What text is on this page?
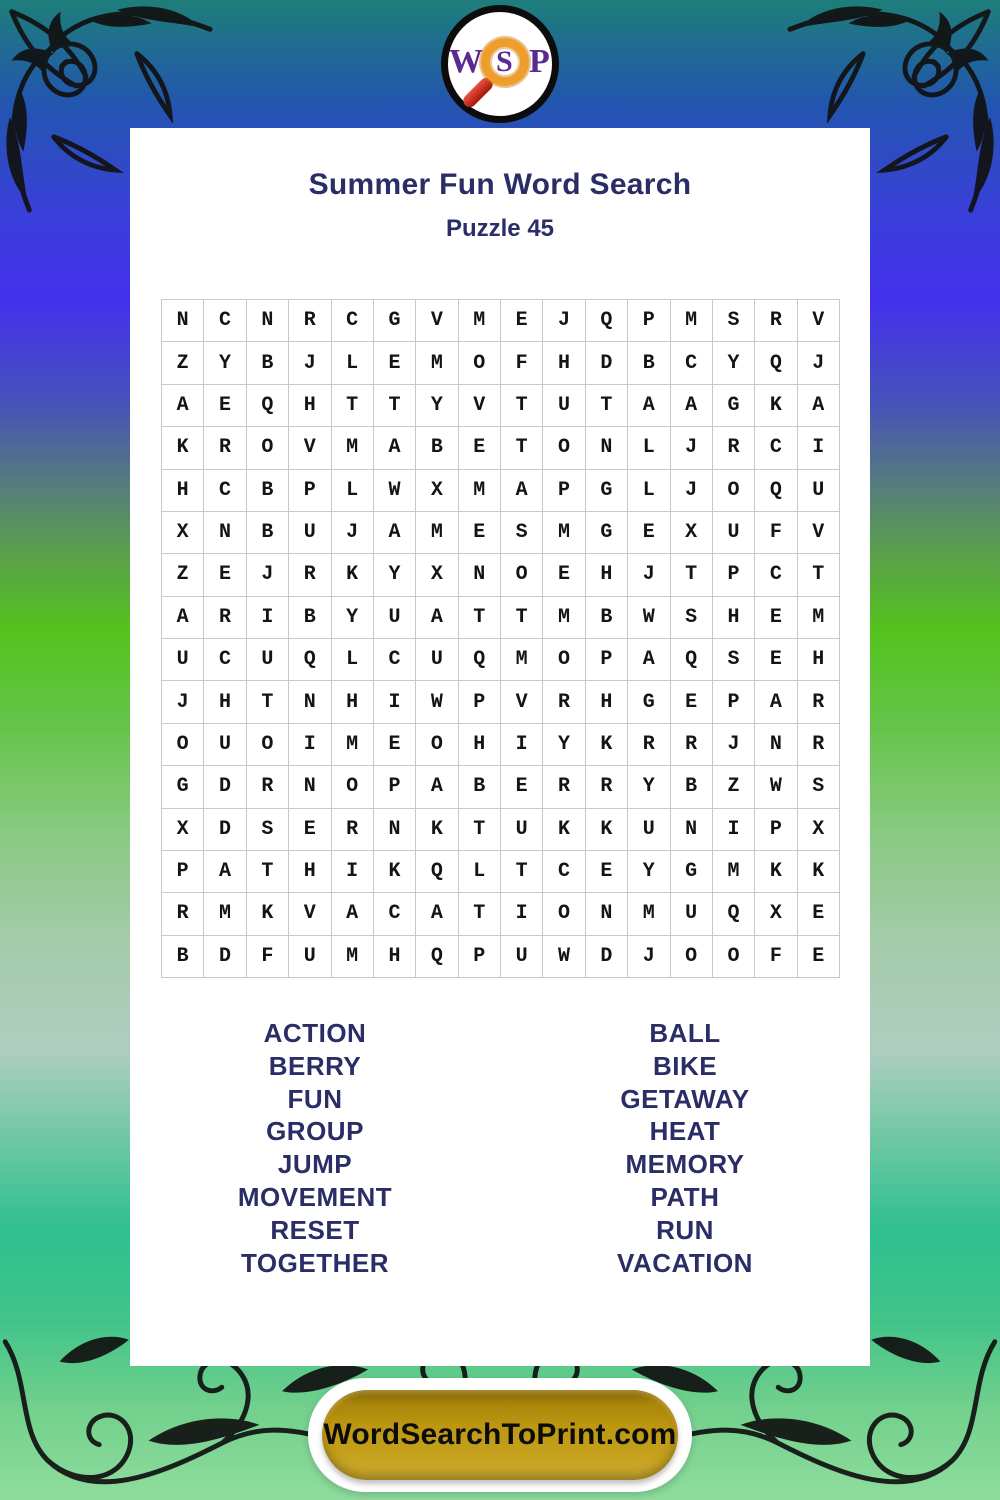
W S P
Summer Fun Word Search
Puzzle 45
N	C	N	R	C	G	V	M	E	J	Q	P	M	S	R	V
Z	Y	B	J	L	E	M	O	F	H	D	B	C	Y	Q	J
A	E	Q	H	T	T	Y	V	T	U	T	A	A	G	K	A
K	R	O	V	M	A	B	E	T	O	N	L	J	R	C	I
H	C	B	P	L	W	X	M	A	P	G	L	J	O	Q	U
X	N	B	U	J	A	M	E	S	M	G	E	X	U	F	V
Z	E	J	R	K	Y	X	N	O	E	H	J	T	P	C	T
A	R	I	B	Y	U	A	T	T	M	B	W	S	H	E	M
U	C	U	Q	L	C	U	Q	M	O	P	A	Q	S	E	H
J	H	T	N	H	I	W	P	V	R	H	G	E	P	A	R
O	U	O	I	M	E	O	H	I	Y	K	R	R	J	N	R
G	D	R	N	O	P	A	B	E	R	R	Y	B	Z	W	S
X	D	S	E	R	N	K	T	U	K	K	U	N	I	P	X
P	A	T	H	I	K	Q	L	T	C	E	Y	G	M	K	K
R	M	K	V	A	C	A	T	I	O	N	M	U	Q	X	E
B	D	F	U	M	H	Q	P	U	W	D	J	O	O	F	E
ACTION
BERRY
FUN
GROUP
JUMP
MOVEMENT
RESET
TOGETHER
BALL
BIKE
GETAWAY
HEAT
MEMORY
PATH
RUN
VACATION
WordSearchToPrint.com
